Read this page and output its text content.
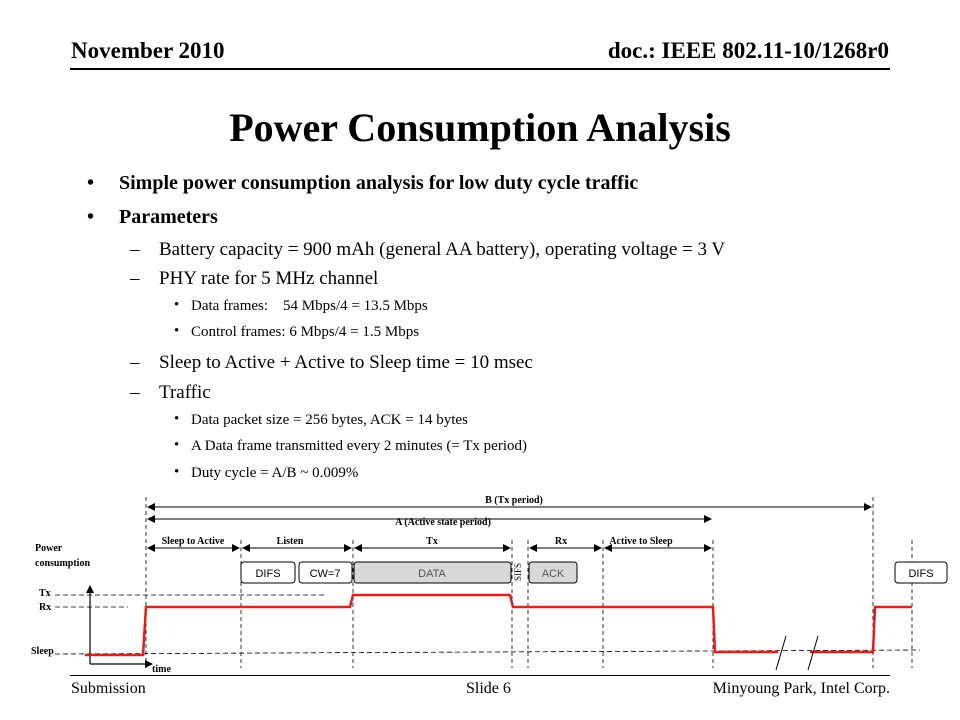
November 2010	doc.: IEEE 802.11-10/1268r0
Power Consumption Analysis
• Simple power consumption analysis for low duty cycle traffic
• Parameters
– Battery capacity = 900 mAh (general AA battery), operating voltage = 3 V
– PHY rate for 5 MHz channel
• Data frames:    54 Mbps/4 = 13.5 Mbps
• Control frames: 6 Mbps/4 = 1.5 Mbps
– Sleep to Active + Active to Sleep time = 10 msec
– Traffic
• Data packet size = 256 bytes, ACK = 14 bytes
• A Data frame transmitted every 2 minutes (= Tx period)
• Duty cycle = A/B ~ 0.009%
B (Tx period)
A (Active state period)
Sleep to Active	Listen	Tx	Rx	Active to Sleep
DIFS	CW=7	DATA	SIFS ACK	DIFS
Power
consumption
Tx
Rx
Sleep
time
Submission	Slide 6	Minyoung Park, Intel Corp.
